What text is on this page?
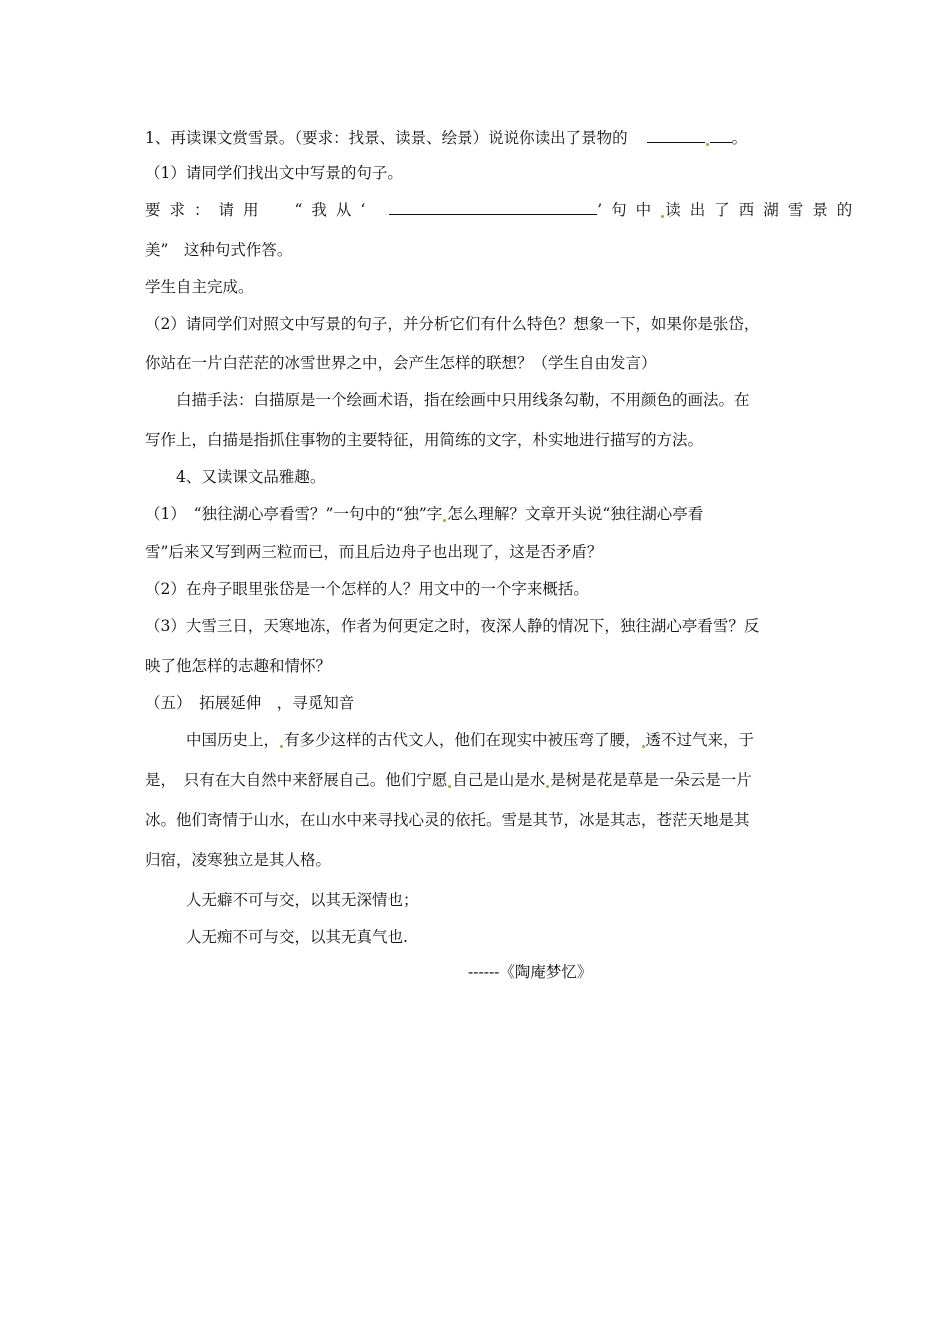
1、再读课文赏雪景。（要求：找景、读景、绘景）说说你读出了景物的	。
（1）请同学们找出文中写景的句子。
要求：请用 “我从‘	’句中 读出了西湖雪景的
美”　这种句式作答。
学生自主完成。
（2）请同学们对照文中写景的句子，并分析它们有什么特色？想象一下，如果你是张岱，
你站在一片白茫茫的冰雪世界之中，会产生怎样的联想？（学生自由发言）
白描手法：白描原是一个绘画术语，指在绘画中只用线条勾勒，不用颜色的画法。在
写作上，白描是指抓住事物的主要特征，用简练的文字，朴实地进行描写的方法。
4、又读课文品雅趣。
（1）　“独往湖心亭看雪？”一句中的“独”字 怎么理解？文章开头说“独往湖心亭看
雪”后来又写到两三粒而已，而且后边舟子也出现了，这是否矛盾？
（2）在舟子眼里张岱是一个怎样的人？用文中的一个字来概括。
（3）大雪三日，天寒地冻，作者为何更定之时，夜深人静的情况下，独往湖心亭看雪？反
映了他怎样的志趣和情怀？
（五）　拓展延伸　，寻觅知音
中国历史上， 有多少这样的古代文人，他们在现实中被压弯了腰， 透不过气来，于
是，　只有在大自然中来舒展自己。他们宁愿 自己是山是水 是树是花是草是一朵云是一片
冰。他们寄情于山水，在山水中来寻找心灵的依托。雪是其节，冰是其志，苍茫天地是其
归宿，凌寒独立是其人格。
人无癖不可与交，以其无深情也；
人无痴不可与交，以其无真气也.
------《陶庵梦忆》
